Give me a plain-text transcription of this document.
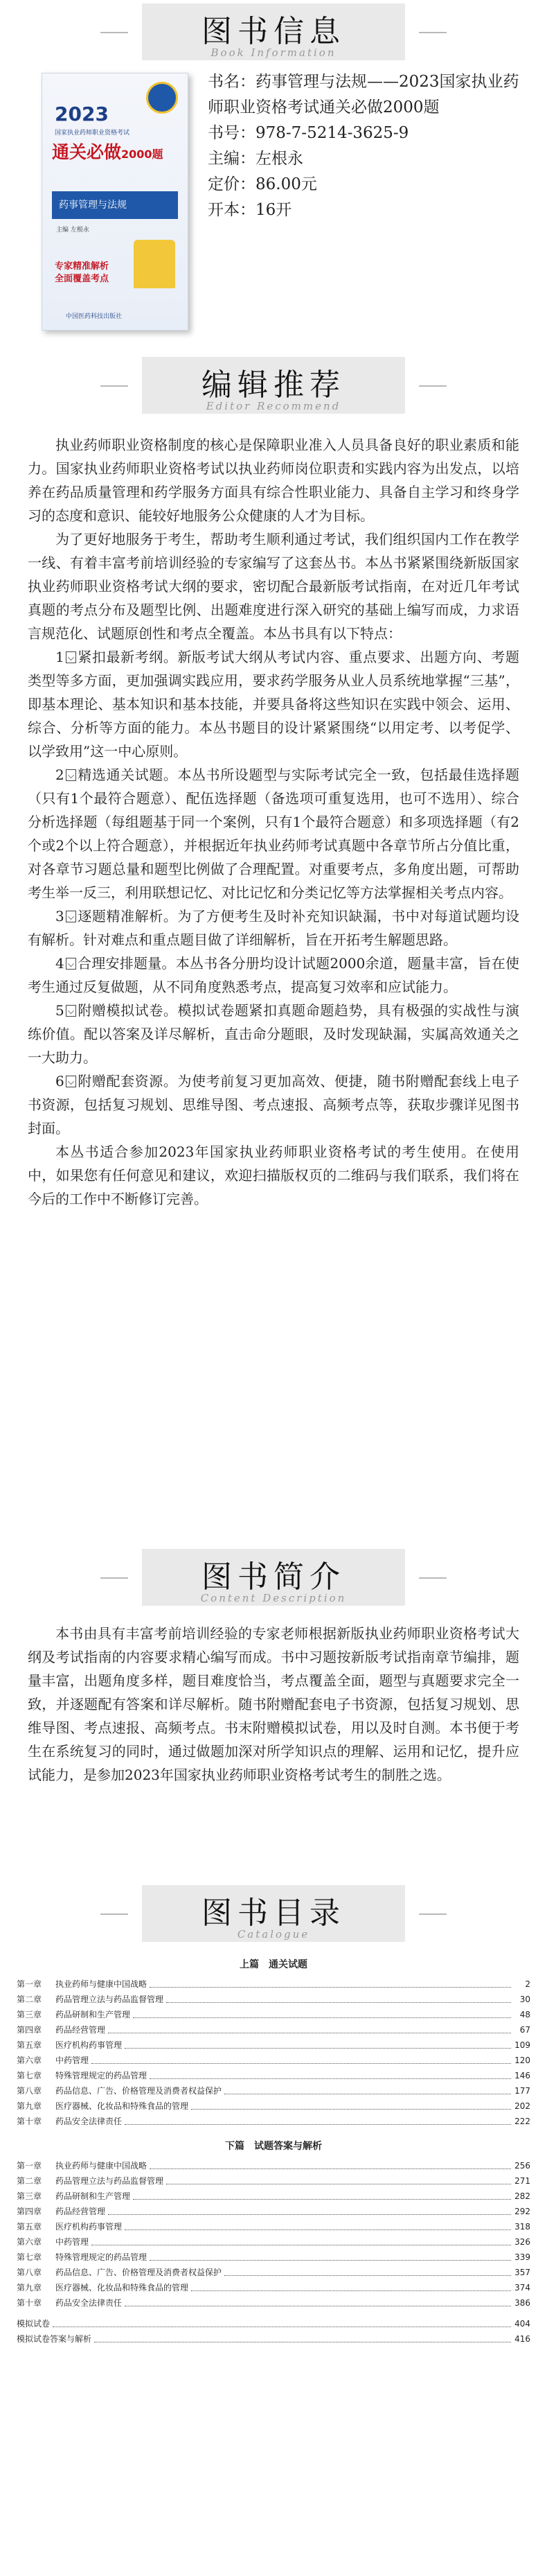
图书信息
Book Information
2023
国家执业药师职业资格考试
通关必做2000题
药事管理与法规
主编 左根永
专家精准解析
全面覆盖考点
中国医药科技出版社

书名：药事管理与法规——2023国家执业药师职业资格考试通关必做2000题

书号：978-7-5214-3625-9

主编：左根永

定价：86.00元

开本：16开

编辑推荐
Editor Recommend

执业药师职业资格制度的核心是保障职业准入人员具备良好的职业素质和能力。国家执业药师职业资格考试以执业药师岗位职责和实践内容为出发点，以培养在药品质量管理和药学服务方面具有综合性职业能力、具备自主学习和终身学习的态度和意识、能较好地服务公众健康的人才为目标。

为了更好地服务于考生，帮助考生顺利通过考试，我们组织国内工作在教学一线、有着丰富考前培训经验的专家编写了这套丛书。本丛书紧紧围绕新版国家执业药师职业资格考试大纲的要求，密切配合最新版考试指南，在对近几年考试真题的考点分布及题型比例、出题难度进行深入研究的基础上编写而成，力求语言规范化、试题原创性和考点全覆盖。本丛书具有以下特点：

1 紧扣最新考纲。新版考试大纲从考试内容、重点要求、出题方向、考题类型等多方面，更加强调实践应用，要求药学服务从业人员系统地掌握“三基”，即基本理论、基本知识和基本技能，并要具备将这些知识在实践中领会、运用、综合、分析等方面的能力。本丛书题目的设计紧紧围绕“以用定考、以考促学、以学致用”这一中心原则。

2 精选通关试题。本丛书所设题型与实际考试完全一致，包括最佳选择题（只有1个最符合题意）、配伍选择题（备选项可重复选用，也可不选用）、综合分析选择题（每组题基于同一个案例，只有1个最符合题意）和多项选择题（有2个或2个以上符合题意），并根据近年执业药师考试真题中各章节所占分值比重，对各章节习题总量和题型比例做了合理配置。对重要考点，多角度出题，可帮助考生举一反三，利用联想记忆、对比记忆和分类记忆等方法掌握相关考点内容。

3 逐题精准解析。为了方便考生及时补充知识缺漏，书中对每道试题均设有解析。针对难点和重点题目做了详细解析，旨在开拓考生解题思路。

4 合理安排题量。本丛书各分册均设计试题2000余道，题量丰富，旨在使考生通过反复做题，从不同角度熟悉考点，提高复习效率和应试能力。

5 附赠模拟试卷。模拟试卷题紧扣真题命题趋势，具有极强的实战性与演练价值。配以答案及详尽解析，直击命分题眼，及时发现缺漏，实属高效通关之一大助力。

6 附赠配套资源。为使考前复习更加高效、便捷，随书附赠配套线上电子书资源，包括复习规划、思维导图、考点速报、高频考点等，获取步骤详见图书封面。

本丛书适合参加2023年国家执业药师职业资格考试的考生使用。在使用中，如果您有任何意见和建议，欢迎扫描版权页的二维码与我们联系，我们将在今后的工作中不断修订完善。

图书简介
Content Description

本书由具有丰富考前培训经验的专家老师根据新版执业药师职业资格考试大纲及考试指南的内容要求精心编写而成。书中习题按新版考试指南章节编排，题量丰富，出题角度多样，题目难度恰当，考点覆盖全面，题型与真题要求完全一致，并逐题配有答案和详尽解析。随书附赠配套电子书资源，包括复习规划、思维导图、考点速报、高频考点。书末附赠模拟试卷，用以及时自测。本书便于考生在系统复习的同时，通过做题加深对所学知识点的理解、运用和记忆，提升应试能力，是参加2023年国家执业药师职业资格考试考生的制胜之选。

图书目录
Catalogue

上篇　通关试题

第一章 执业药师与健康中国战略	2
第二章 药品管理立法与药品监督管理	30
第三章 药品研制和生产管理	48
第四章 药品经营管理	67
第五章 医疗机构药事管理	109
第六章 中药管理	120
第七章 特殊管理规定的药品管理	146
第八章 药品信息、广告、价格管理及消费者权益保护	177
第九章 医疗器械、化妆品和特殊食品的管理	202
第十章 药品安全法律责任	222

下篇　试题答案与解析

第一章 执业药师与健康中国战略	256
第二章 药品管理立法与药品监督管理	271
第三章 药品研制和生产管理	282
第四章 药品经营管理	292
第五章 医疗机构药事管理	318
第六章 中药管理	326
第七章 特殊管理规定的药品管理	339
第八章 药品信息、广告、价格管理及消费者权益保护	357
第九章 医疗器械、化妆品和特殊食品的管理	374
第十章 药品安全法律责任	386
模拟试卷	404
模拟试卷答案与解析	416
